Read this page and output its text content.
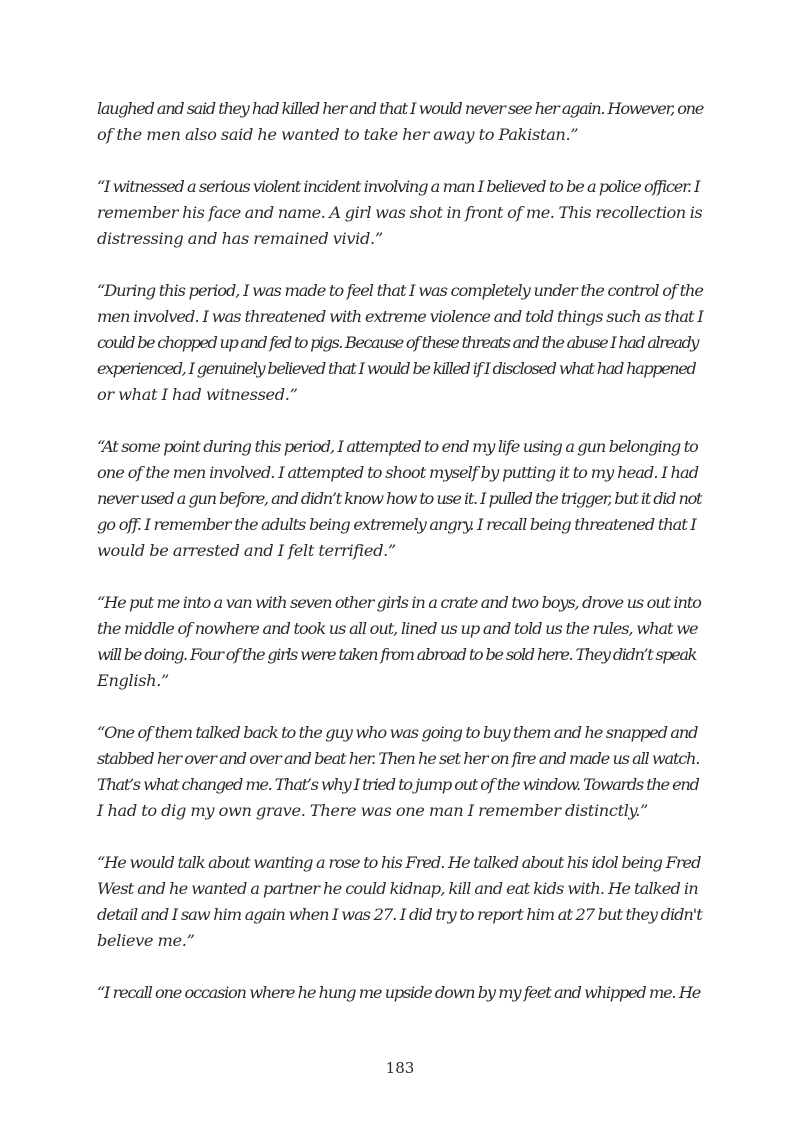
laughed and said they had killed her and that I would never see her again. However, one
of the men also said he wanted to take her away to Pakistan.”

“I witnessed a serious violent incident involving a man I believed to be a police officer. I
remember his face and name. A girl was shot in front of me. This recollection is
distressing and has remained vivid.”

“During this period, I was made to feel that I was completely under the control of the
men involved. I was threatened with extreme violence and told things such as that I
could be chopped up and fed to pigs. Because of these threats and the abuse I had already
experienced, I genuinely believed that I would be killed if I disclosed what had happened
or what I had witnessed.”

“At some point during this period, I attempted to end my life using a gun belonging to
one of the men involved. I attempted to shoot myself by putting it to my head. I had
never used a gun before, and didn’t know how to use it. I pulled the trigger, but it did not
go off. I remember the adults being extremely angry. I recall being threatened that I
would be arrested and I felt terrified.”

“He put me into a van with seven other girls in a crate and two boys, drove us out into
the middle of nowhere and took us all out, lined us up and told us the rules, what we
will be doing. Four of the girls were taken from abroad to be sold here. They didn’t speak
English.”

“One of them talked back to the guy who was going to buy them and he snapped and
stabbed her over and over and beat her. Then he set her on fire and made us all watch.
That’s what changed me. That’s why I tried to jump out of the window. Towards the end
I had to dig my own grave. There was one man I remember distinctly.”

“He would talk about wanting a rose to his Fred. He talked about his idol being Fred
West and he wanted a partner he could kidnap, kill and eat kids with. He talked in
detail and I saw him again when I was 27. I did try to report him at 27 but they didn't
believe me.”

“I recall one occasion where he hung me upside down by my feet and whipped me. He

183
